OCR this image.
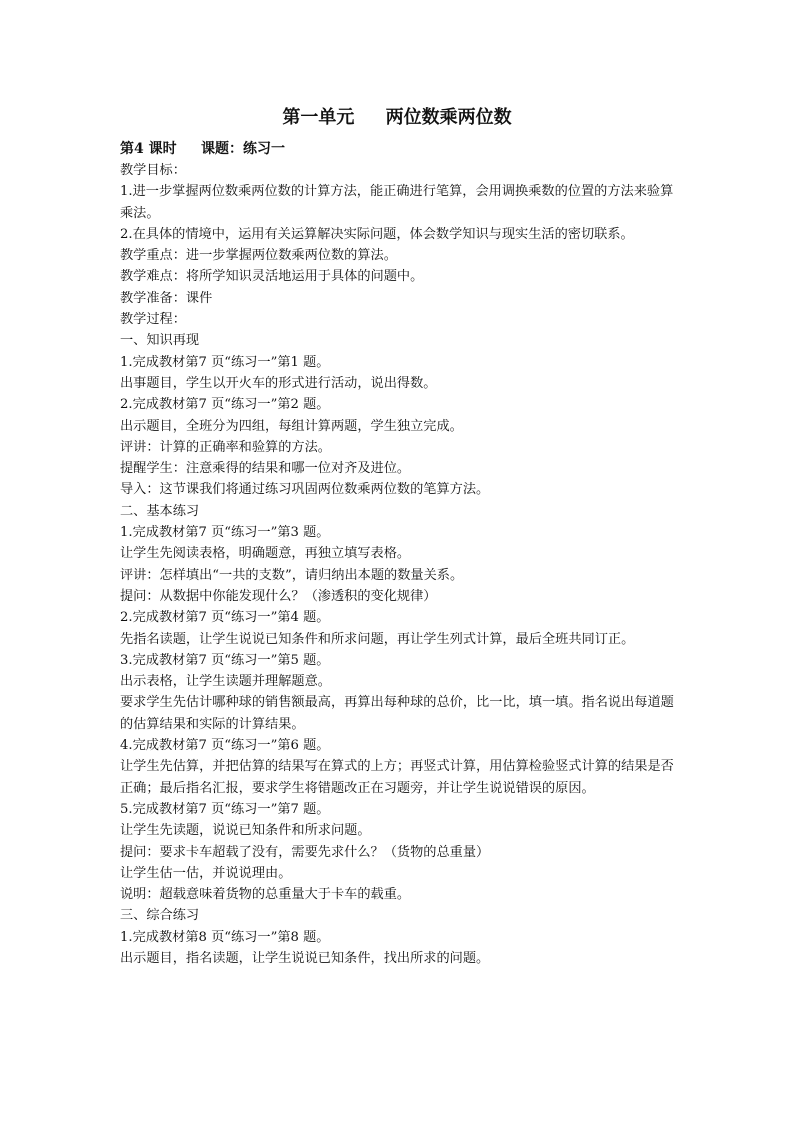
第一单元     两位数乘两位数
第4 课时     课题：练习一

教学目标：

1.进一步掌握两位数乘两位数的计算方法，能正确进行笔算，会用调换乘数的位置的方法来验算乘法。

2.在具体的情境中，运用有关运算解决实际问题，体会数学知识与现实生活的密切联系。

教学重点：进一步掌握两位数乘两位数的算法。

教学难点：将所学知识灵活地运用于具体的问题中。

教学准备：课件

教学过程：

一、知识再现

1.完成教材第7 页“练习一”第1 题。

出事题目，学生以开火车的形式进行活动，说出得数。

2.完成教材第7 页“练习一”第2 题。

出示题目，全班分为四组，每组计算两题，学生独立完成。

评讲：计算的正确率和验算的方法。

提醒学生：注意乘得的结果和哪一位对齐及进位。

导入：这节课我们将通过练习巩固两位数乘两位数的笔算方法。

二、基本练习

1.完成教材第7 页“练习一”第3 题。

让学生先阅读表格，明确题意，再独立填写表格。

评讲：怎样填出“一共的支数”，请归纳出本题的数量关系。

提问：从数据中你能发现什么？（渗透积的变化规律）

2.完成教材第7 页“练习一”第4 题。

先指名读题，让学生说说已知条件和所求问题，再让学生列式计算，最后全班共同订正。

3.完成教材第7 页“练习一”第5 题。

出示表格，让学生读题并理解题意。

要求学生先估计哪种球的销售额最高，再算出每种球的总价，比一比，填一填。指名说出每道题的估算结果和实际的计算结果。

4.完成教材第7 页“练习一”第6 题。

让学生先估算，并把估算的结果写在算式的上方；再竖式计算，用估算检验竖式计算的结果是否正确；最后指名汇报，要求学生将错题改正在习题旁，并让学生说说错误的原因。

5.完成教材第7 页“练习一”第7 题。

让学生先读题，说说已知条件和所求问题。

提问：要求卡车超载了没有，需要先求什么？（货物的总重量）

让学生估一估，并说说理由。

说明：超载意味着货物的总重量大于卡车的载重。

三、综合练习

1.完成教材第8 页“练习一”第8 题。

出示题目，指名读题，让学生说说已知条件，找出所求的问题。
